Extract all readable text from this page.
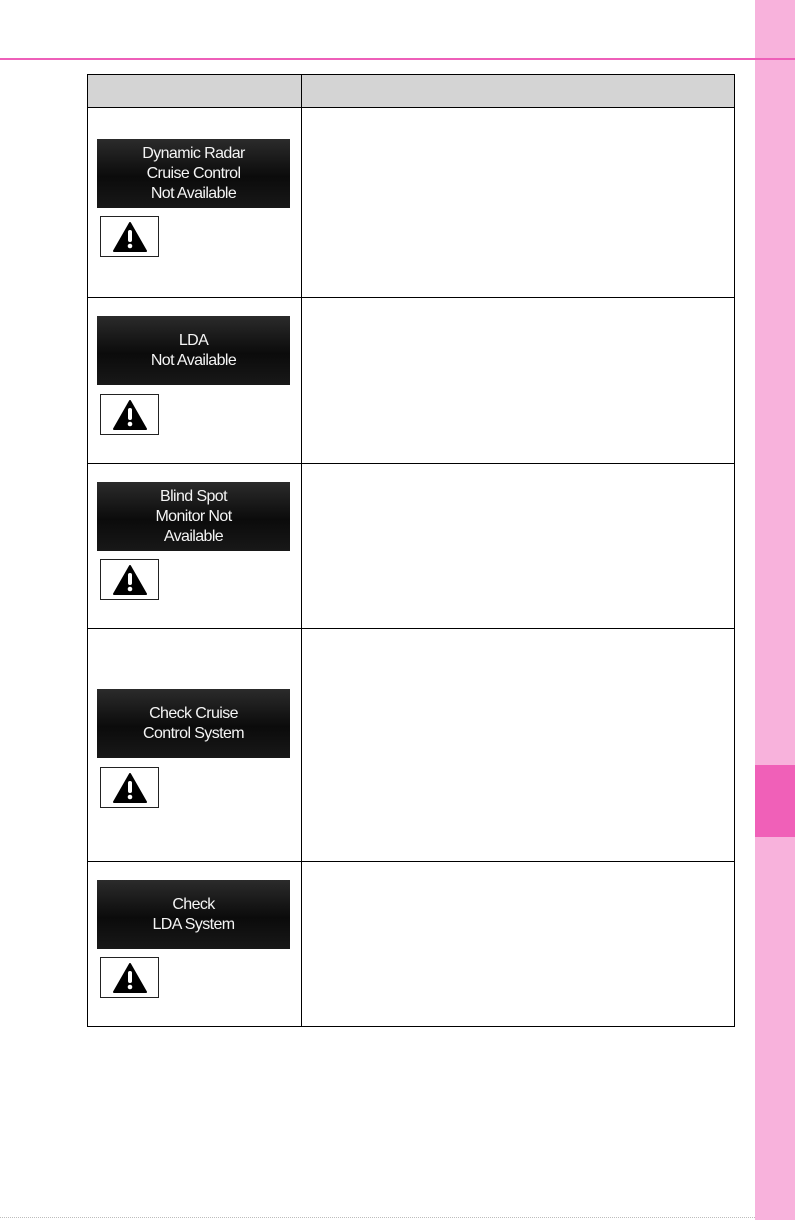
Dynamic Radar
Cruise Control
Not Available	

LDA
Not Available	

Blind Spot
Monitor Not
Available	

Check Cruise
Control System	

Check
LDA System	
